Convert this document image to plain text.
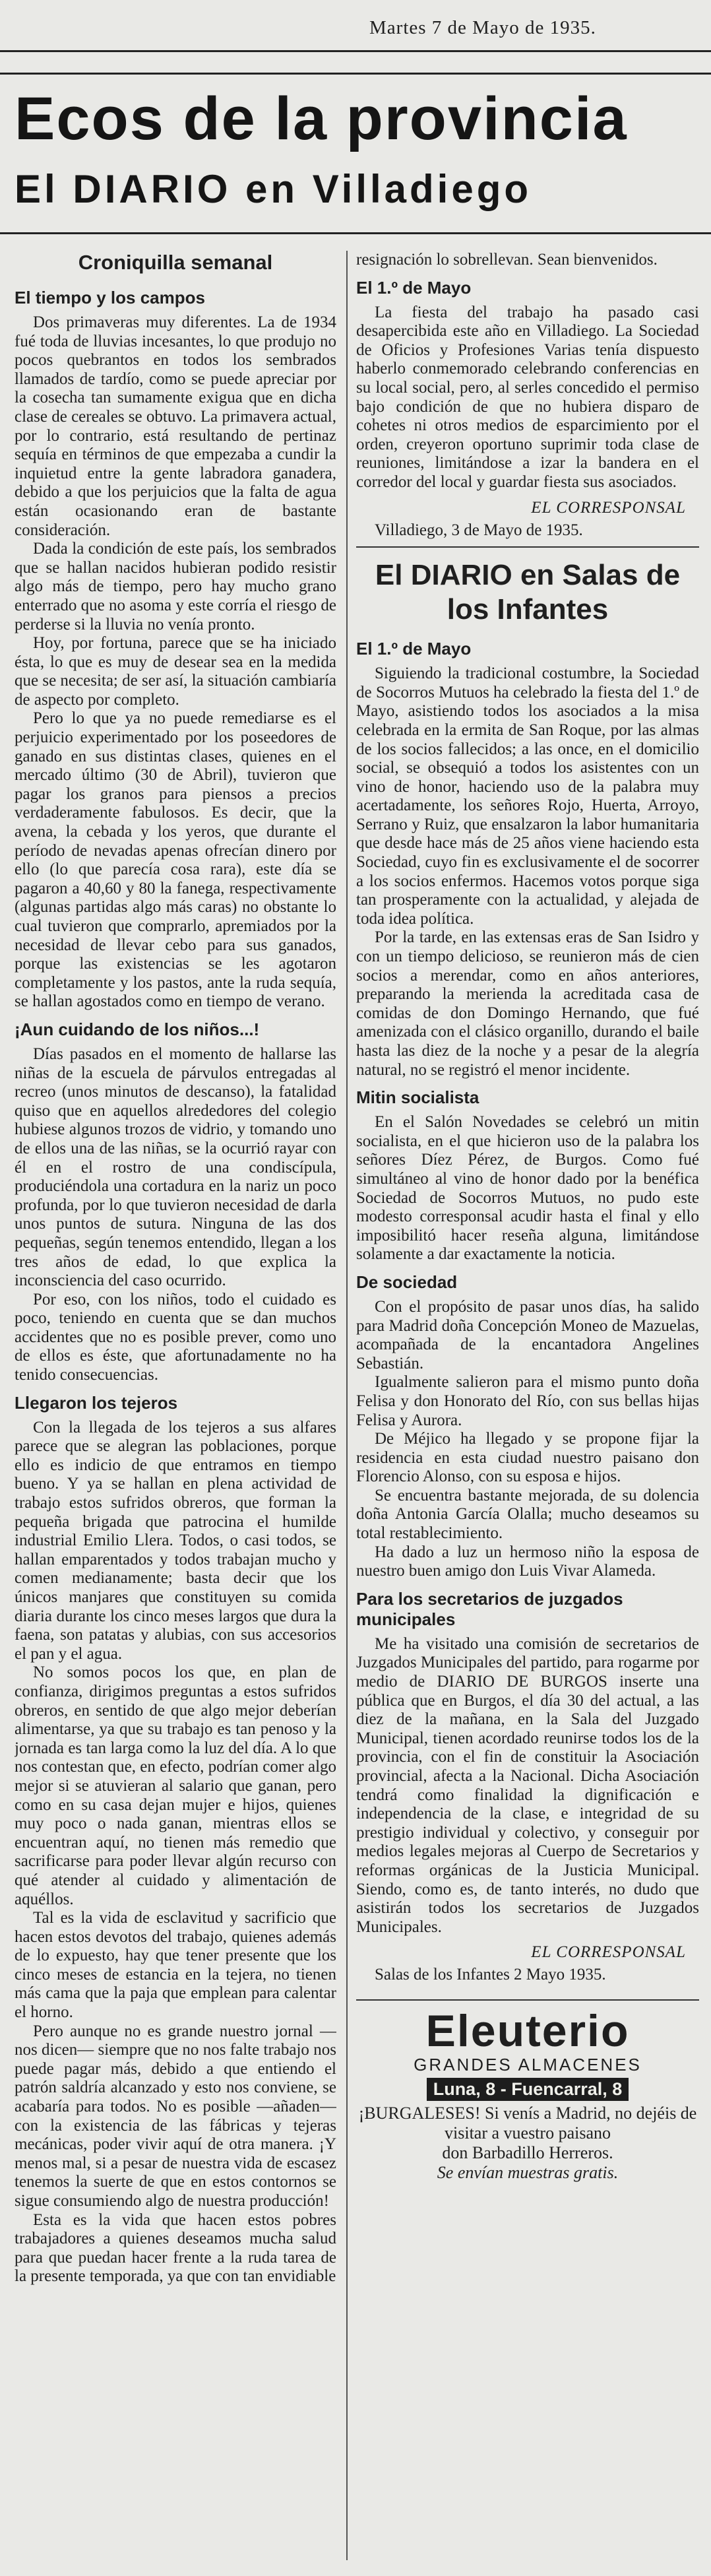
Martes 7 de Mayo de 1935.
Ecos de la provincia
El DIARIO en Villadiego
Croniquilla semanal
El tiempo y los campos

Dos primaveras muy diferentes. La de 1934 fué toda de lluvias incesantes, lo que produjo no pocos quebrantos en todos los sembrados llamados de tardío, como se puede apreciar por la cosecha tan sumamente exigua que en dicha clase de cereales se obtuvo. La primavera actual, por lo contrario, está resultando de pertinaz sequía en términos de que empezaba a cundir la inquietud entre la gente labradora ganadera, debido a que los perjuicios que la falta de agua están ocasionando eran de bastante consideración.

Dada la condición de este país, los sembrados que se hallan nacidos hubieran podido resistir algo más de tiempo, pero hay mucho grano enterrado que no asoma y este corría el riesgo de perderse si la lluvia no venía pronto.

Hoy, por fortuna, parece que se ha iniciado ésta, lo que es muy de desear sea en la medida que se necesita; de ser así, la situación cambiaría de aspecto por completo.

Pero lo que ya no puede remediarse es el perjuicio experimentado por los poseedores de ganado en sus distintas clases, quienes en el mercado último (30 de Abril), tuvieron que pagar los granos para piensos a precios verdaderamente fabulosos. Es decir, que la avena, la cebada y los yeros, que durante el período de nevadas apenas ofrecían dinero por ello (lo que parecía cosa rara), este día se pagaron a 40,60 y 80 la fanega, respectivamente (algunas partidas algo más caras) no obstante lo cual tuvieron que comprarlo, apremiados por la necesidad de llevar cebo para sus ganados, porque las existencias se les agotaron completamente y los pastos, ante la ruda sequía, se hallan agostados como en tiempo de verano.

¡Aun cuidando de los niños...!

Días pasados en el momento de hallarse las niñas de la escuela de párvulos entregadas al recreo (unos minutos de descanso), la fatalidad quiso que en aquellos alrededores del colegio hubiese algunos trozos de vidrio, y tomando uno de ellos una de las niñas, se la ocurrió rayar con él en el rostro de una condiscípula, produciéndola una cortadura en la nariz un poco profunda, por lo que tuvieron necesidad de darla unos puntos de sutura. Ninguna de las dos pequeñas, según tenemos entendido, llegan a los tres años de edad, lo que explica la inconsciencia del caso ocurrido.

Por eso, con los niños, todo el cuidado es poco, teniendo en cuenta que se dan muchos accidentes que no es posible prever, como uno de ellos es éste, que afortunadamente no ha tenido consecuencias.

Llegaron los tejeros

Con la llegada de los tejeros a sus alfares parece que se alegran las poblaciones, porque ello es indicio de que entramos en tiempo bueno. Y ya se hallan en plena actividad de trabajo estos sufridos obreros, que forman la pequeña brigada que patrocina el humilde industrial Emilio Llera. Todos, o casi todos, se hallan emparentados y todos trabajan mucho y comen medianamente; basta decir que los únicos manjares que constituyen su comida diaria durante los cinco meses largos que dura la faena, son patatas y alubias, con sus accesorios el pan y el agua.

No somos pocos los que, en plan de confianza, dirigimos preguntas a estos sufridos obreros, en sentido de que algo mejor deberían alimentarse, ya que su trabajo es tan penoso y la jornada es tan larga como la luz del día. A lo que nos contestan que, en efecto, podrían comer algo mejor si se atuvieran al salario que ganan, pero como en su casa dejan mujer e hijos, quienes muy poco o nada ganan, mientras ellos se encuentran aquí, no tienen más remedio que sacrificarse para poder llevar algún recurso con qué atender al cuidado y alimentación de aquéllos.

Tal es la vida de esclavitud y sacrificio que hacen estos devotos del trabajo, quienes además de lo expuesto, hay que tener presente que los cinco meses de estancia en la tejera, no tienen más cama que la paja que emplean para calentar el horno.

Pero aunque no es grande nuestro jornal —nos dicen— siempre que no nos falte trabajo nos puede pagar más, debido a que entiendo el patrón saldría alcanzado y esto nos conviene, se acabaría para todos. No es posible —añaden— con la existencia de las fábricas y tejeras mecánicas, poder vivir aquí de otra manera. ¡Y menos mal, si a pesar de nuestra vida de escasez tenemos la suerte de que en estos contornos se sigue consumiendo algo de nuestra producción!

Esta es la vida que hacen estos pobres trabajadores a quienes deseamos mucha salud para que puedan hacer frente a la ruda tarea de la presente temporada, ya que con tan envidiable

resignación lo sobrellevan. Sean bienvenidos.

El 1.º de Mayo

La fiesta del trabajo ha pasado casi desapercibida este año en Villadiego. La Sociedad de Oficios y Profesiones Varias tenía dispuesto haberlo conmemorado celebrando conferencias en su local social, pero, al serles concedido el permiso bajo condición de que no hubiera disparo de cohetes ni otros medios de esparcimiento por el orden, creyeron oportuno suprimir toda clase de reuniones, limitándose a izar la bandera en el corredor del local y guardar fiesta sus asociados.

EL CORRESPONSAL

Villadiego, 3 de Mayo de 1935.

El DIARIO en Salas de los Infantes
El 1.º de Mayo

Siguiendo la tradicional costumbre, la Sociedad de Socorros Mutuos ha celebrado la fiesta del 1.º de Mayo, asistiendo todos los asociados a la misa celebrada en la ermita de San Roque, por las almas de los socios fallecidos; a las once, en el domicilio social, se obsequió a todos los asistentes con un vino de honor, haciendo uso de la palabra muy acertadamente, los señores Rojo, Huerta, Arroyo, Serrano y Ruiz, que ensalzaron la labor humanitaria que desde hace más de 25 años viene haciendo esta Sociedad, cuyo fin es exclusivamente el de socorrer a los socios enfermos. Hacemos votos porque siga tan prosperamente con la actualidad, y alejada de toda idea política.

Por la tarde, en las extensas eras de San Isidro y con un tiempo delicioso, se reunieron más de cien socios a merendar, como en años anteriores, preparando la merienda la acreditada casa de comidas de don Domingo Hernando, que fué amenizada con el clásico organillo, durando el baile hasta las diez de la noche y a pesar de la alegría natural, no se registró el menor incidente.

Mitin socialista

En el Salón Novedades se celebró un mitin socialista, en el que hicieron uso de la palabra los señores Díez Pérez, de Burgos. Como fué simultáneo al vino de honor dado por la benéfica Sociedad de Socorros Mutuos, no pudo este modesto corresponsal acudir hasta el final y ello imposibilitó hacer reseña alguna, limitándose solamente a dar exactamente la noticia.

De sociedad

Con el propósito de pasar unos días, ha salido para Madrid doña Concepción Moneo de Mazuelas, acompañada de la encantadora Angelines Sebastián.

Igualmente salieron para el mismo punto doña Felisa y don Honorato del Río, con sus bellas hijas Felisa y Aurora.

De Méjico ha llegado y se propone fijar la residencia en esta ciudad nuestro paisano don Florencio Alonso, con su esposa e hijos.

Se encuentra bastante mejorada, de su dolencia doña Antonia García Olalla; mucho deseamos su total restablecimiento.

Ha dado a luz un hermoso niño la esposa de nuestro buen amigo don Luis Vivar Alameda.

Para los secretarios de juzgados municipales

Me ha visitado una comisión de secretarios de Juzgados Municipales del partido, para rogarme por medio de DIARIO DE BURGOS inserte una pública que en Burgos, el día 30 del actual, a las diez de la mañana, en la Sala del Juzgado Municipal, tienen acordado reunirse todos los de la provincia, con el fin de constituir la Asociación provincial, afecta a la Nacional. Dicha Asociación tendrá como finalidad la dignificación e independencia de la clase, e integridad de su prestigio individual y colectivo, y conseguir por medios legales mejoras al Cuerpo de Secretarios y reformas orgánicas de la Justicia Municipal. Siendo, como es, de tanto interés, no dudo que asistirán todos los secretarios de Juzgados Municipales.

EL CORRESPONSAL

Salas de los Infantes 2 Mayo 1935.

Eleuterio
GRANDES ALMACENES
Luna, 8 - Fuencarral, 8
¡BURGALESES! Si venís a Madrid, no dejéis de visitar a vuestro paisano
don Barbadillo Herreros.
Se envían muestras gratis.
